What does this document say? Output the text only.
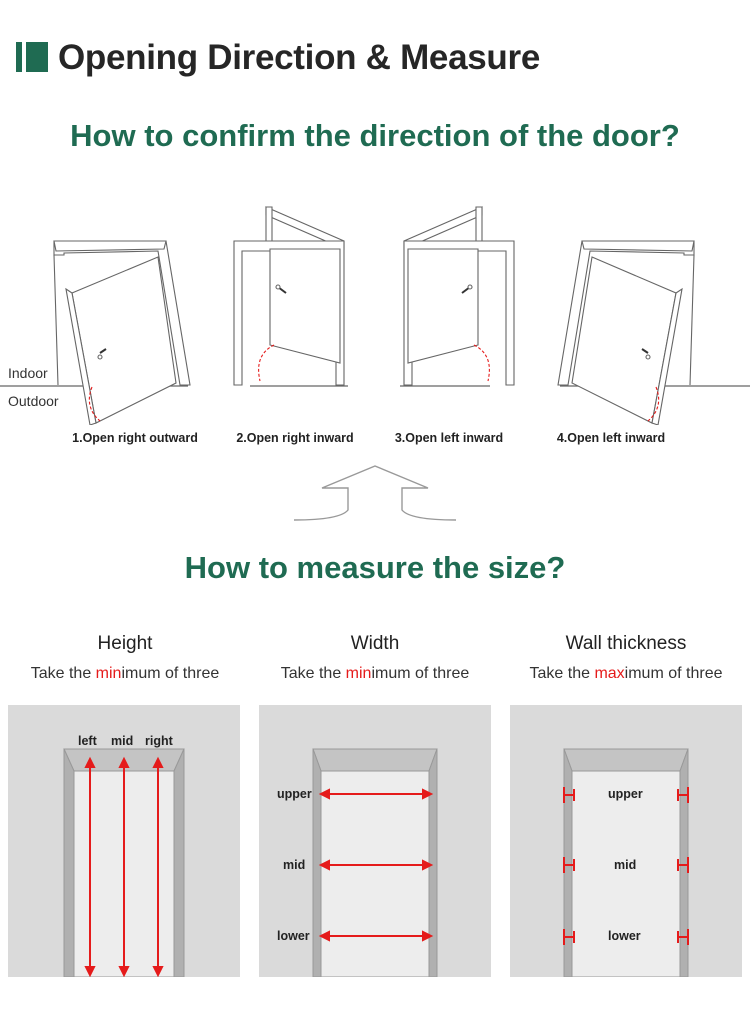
Opening Direction & Measure
How to confirm the direction of the door?
Indoor
Outdoor
1.Open right outward	2.Open right inward	3.Open left inward	4.Open left inward
How to measure the size?
Height	Width	Wall thickness
Take the minimum of three	Take the minimum of three	Take the maximum of three
left mid right
upper
mid
lower
upper
mid
lower
